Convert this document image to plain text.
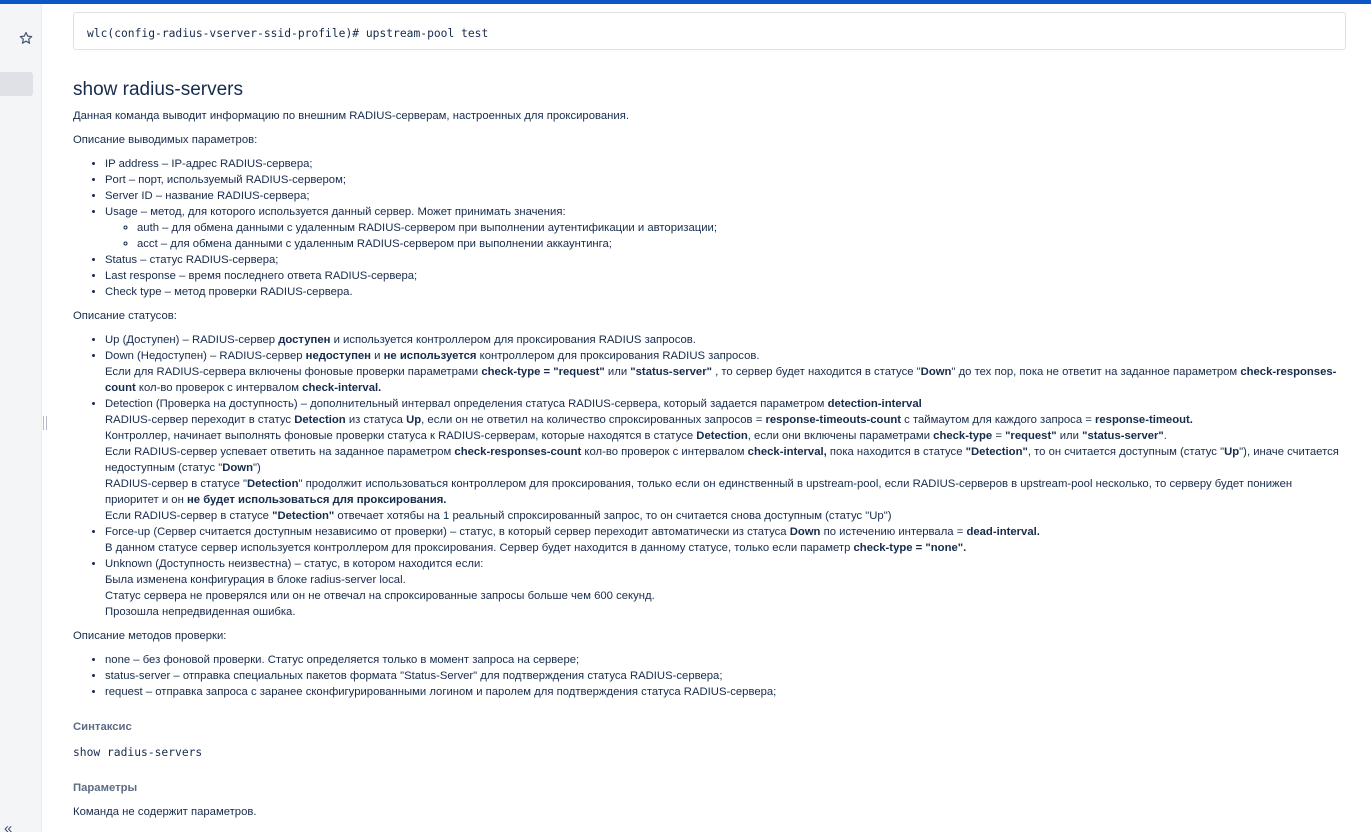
«
wlc(config-radius-vserver-ssid-profile)# upstream-pool test
show radius-servers

Данная команда выводит информацию по внешним RADIUS-серверам, настроенных для проксирования.

Описание выводимых параметров:

• IP address – IP-адрес RADIUS-сервера;
• Port – порт, используемый RADIUS-сервером;
• Server ID – название RADIUS-сервера;
• Usage – метод, для которого используется данный сервер. Может принимать значения:
◦ auth – для обмена данными с удаленным RADIUS-сервером при выполнении аутентификации и авторизации;
◦ acct – для обмена данными с удаленным RADIUS-сервером при выполнении аккаунтинга;
• Status – статус RADIUS-сервера;
• Last response – время последнего ответа RADIUS-сервера;
• Check type – метод проверки RADIUS-сервера.

Описание статусов:

• Up (Доступен) – RADIUS-сервер доступен и используется контроллером для проксирования RADIUS запросов.
• Down (Недоступен) – RADIUS-сервер недоступен и не используется контроллером для проксирования RADIUS запросов.
Если для RADIUS-сервера включены фоновые проверки параметрами check-type = "request" или "status-server" , то сервер будет находится в статусе "Down" до тех пор, пока не ответит на заданное параметром check-responses-count кол-во проверок с интервалом check-interval.
• Detection (Проверка на доступность) – дополнительный интервал определения статуса RADIUS-сервера, который задается параметром detection-interval
RADIUS-сервер переходит в статус Detection из статуса Up, если он не ответил на количество спроксированных запросов = response-timeouts-count с таймаутом для каждого запроса = response-timeout.
Контроллер, начинает выполнять фоновые проверки статуса к RADIUS-серверам, которые находятся в статусе Detection, если они включены параметрами check-type = "request" или "status-server".
Если RADIUS-сервер успевает ответить на заданное параметром check-responses-count кол-во проверок с интервалом check-interval, пока находится в статусе "Detection", то он считается доступным (статус "Up"), иначе считается недоступным (статус "Down")
RADIUS-сервер в статусе "Detection" продолжит использоваться контроллером для проксирования, только если он единственный в upstream-pool, если RADIUS-серверов в upstream-pool несколько, то серверу будет понижен приоритет и он не будет использоваться для проксирования.
Если RADIUS-сервер в статусе "Detection" отвечает хотябы на 1 реальный спроксированный запрос, то он считается снова доступным (статус "Up")
• Force-up (Сервер считается доступным независимо от проверки) – статус, в который сервер переходит автоматически из статуса Down по истечению интервала = dead-interval.
В данном статусе сервер используется контроллером для проксирования. Сервер будет находится в данному статусе, только если параметр check-type = "none".
• Unknown (Доступность неизвестна) – статус, в котором находится если:
Была изменена конфигурация в блоке radius-server local.
Статус сервера не проверялся или он не отвечал на спроксированные запросы больше чем 600 секунд.
Прозошла непредвиденная ошибка.

Описание методов проверки:

• none – без фоновой проверки. Статус определяется только в момент запроса на сервере;
• status-server – отправка специальных пакетов формата "Status-Server" для подтверждения статуса RADIUS-сервера;
• request – отправка запроса с заранее сконфигурированными логином и паролем для подтверждения статуса RADIUS-сервера;
Синтаксис
show radius-servers
Параметры

Команда не содержит параметров.
